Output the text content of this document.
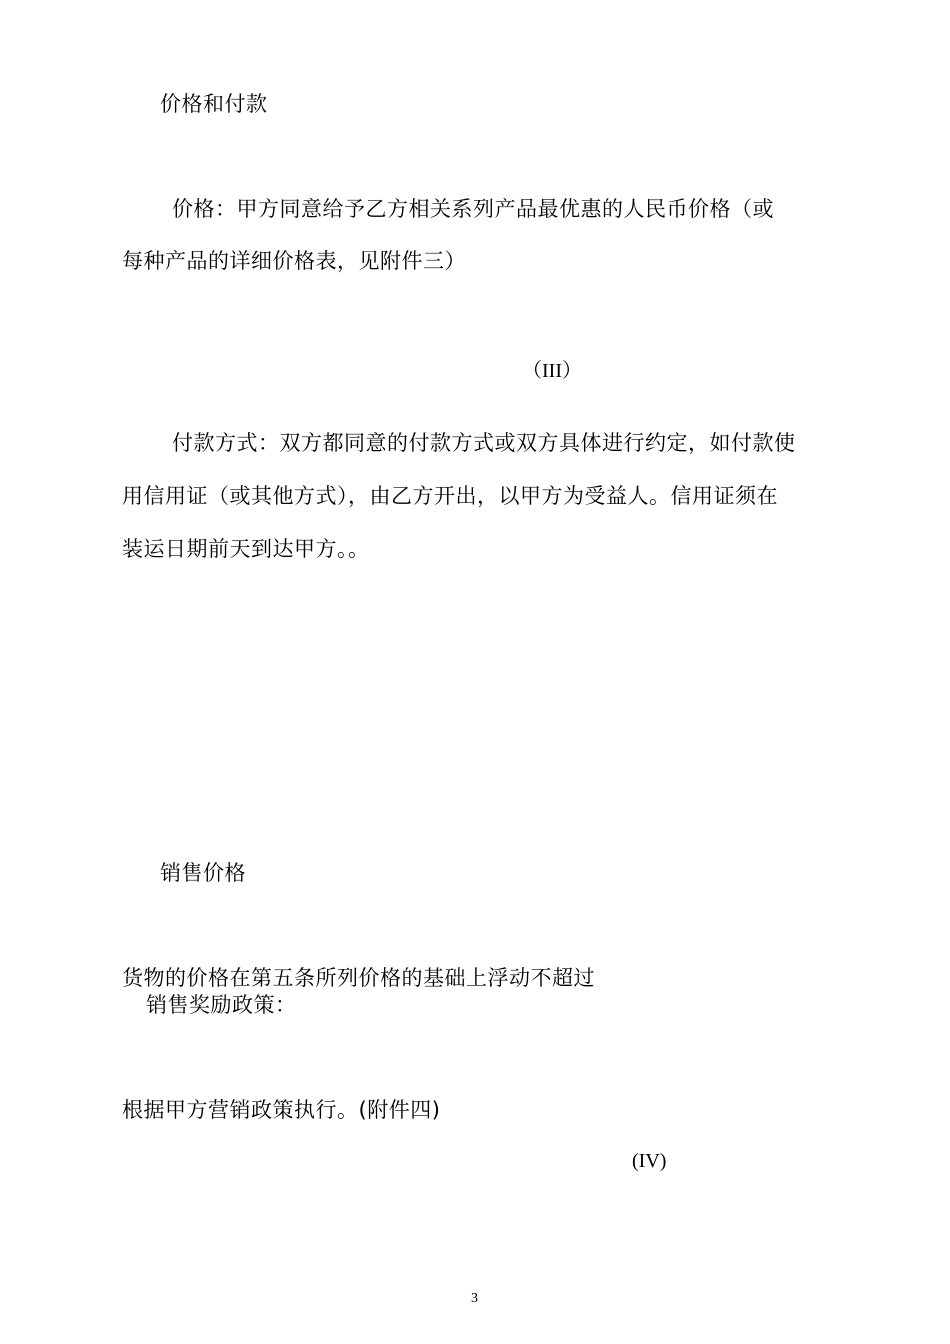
价格和付款
价格：甲方同意给予乙方相关系列产品最优惠的人民币价格（或
每种产品的详细价格表，见附件三）
（III）
付款方式：双方都同意的付款方式或双方具体进行约定，如付款使
用信用证（或其他方式），由乙方开出，以甲方为受益人。信用证须在
装运日期前天到达甲方。。
销售价格
货物的价格在第五条所列价格的基础上浮动不超过
销售奖励政策：
根据甲方营销政策执行。(附件四)
(IV)
3
